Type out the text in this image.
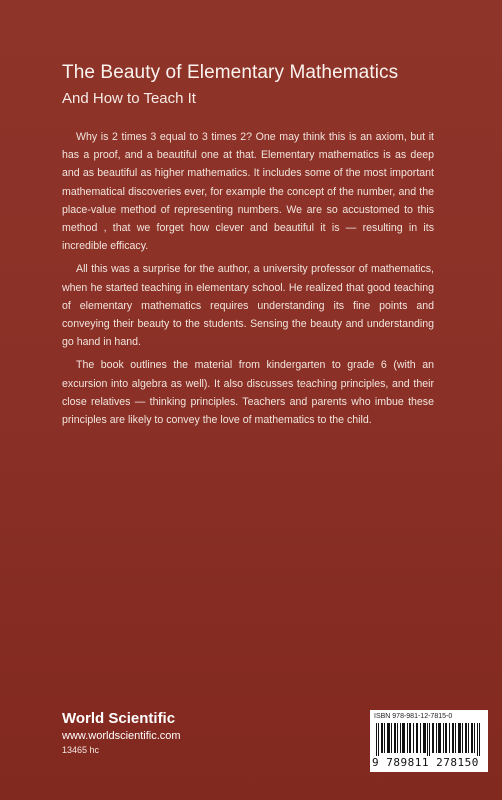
The Beauty of Elementary Mathematics
And How to Teach It

Why is 2 times 3 equal to 3 times 2? One may think this is an axiom, but it has a proof, and a beautiful one at that. Elementary mathematics is as deep and as beautiful as higher mathematics. It includes some of the most important mathematical discoveries ever, for example the concept of the number, and the place-value method of representing numbers. We are so accustomed to this method , that we forget how clever and beautiful it is — resulting in its incredible efficacy.

All this was a surprise for the author, a university professor of mathematics, when he started teaching in elementary school. He realized that good teaching of elementary mathematics requires understanding its fine points and conveying their beauty to the students. Sensing the beauty and understanding go hand in hand.

The book outlines the material from kindergarten to grade 6 (with an excursion into algebra as well). It also discusses teaching principles, and their close relatives — thinking principles. Teachers and parents who imbue these principles are likely to convey the love of mathematics to the child.

World Scientific
www.worldscientific.com
13465 hc
ISBN 978-981-12-7815-0
9 789811 278150
